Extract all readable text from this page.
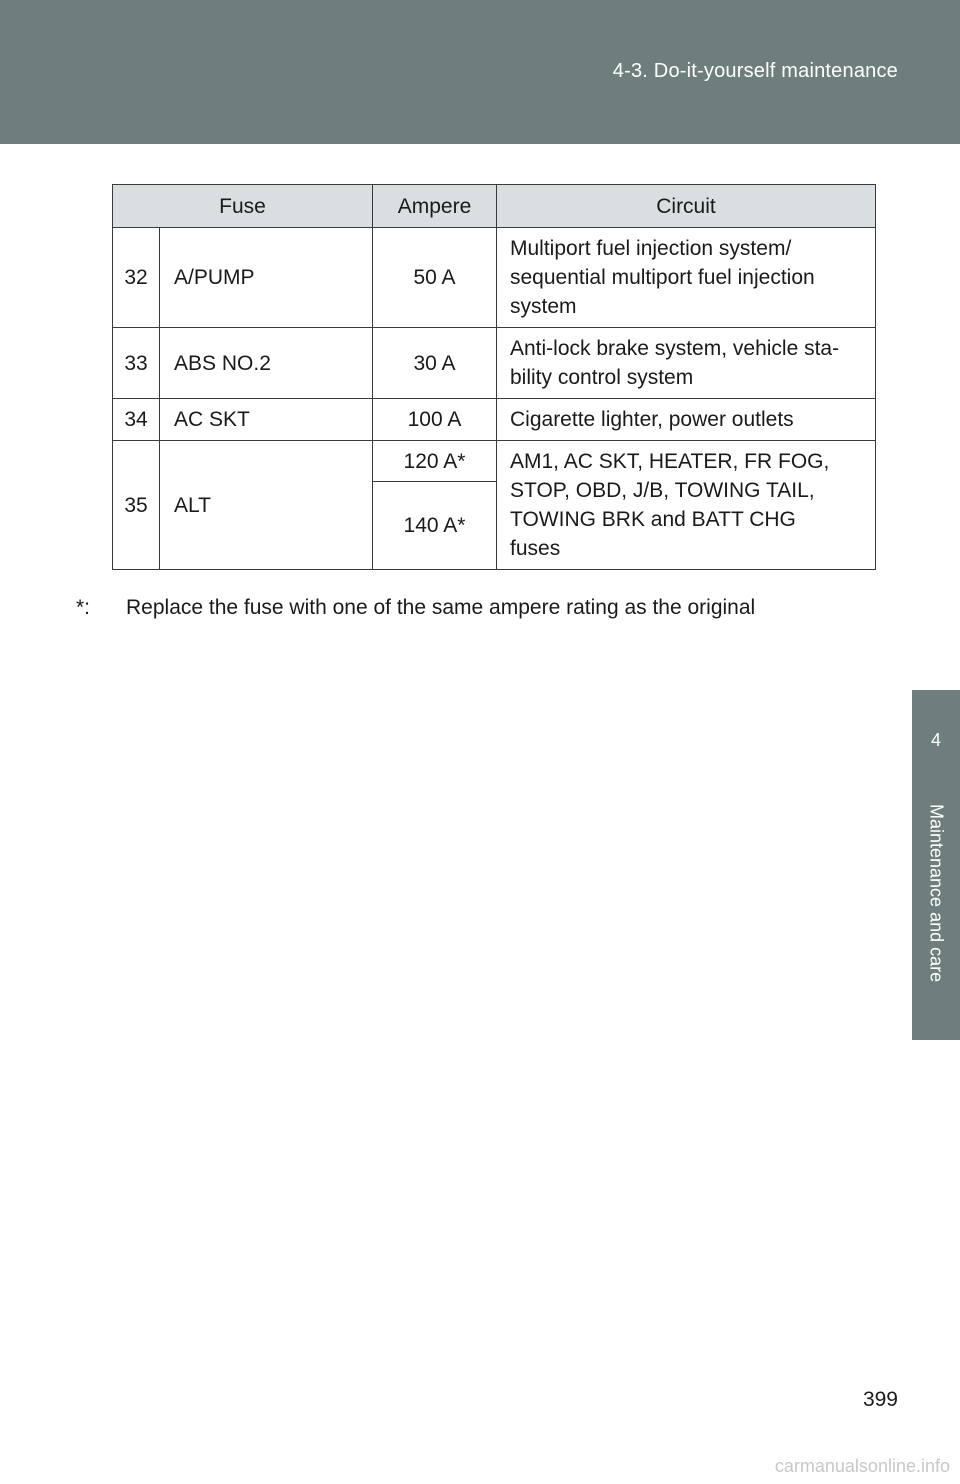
4-3. Do-it-yourself maintenance
4
Maintenance and care
Fuse		Ampere	Circuit
32	A/PUMP	50 A	Multiport fuel injection system/
sequential multiport fuel injection
system

33	ABS NO.2	30 A	Anti-lock brake system, vehicle sta-
bility control system

34	AC SKT	100 A	Cigarette lighter, power outlets

35	ALT	120 A*	AM1, AC SKT, HEATER, FR FOG,
STOP, OBD, J/B, TOWING TAIL,
TOWING BRK and BATT CHG
fuses

		140 A*	
*: Replace the fuse with one of the same ampere rating as the original
399
carmanualsonline.info
